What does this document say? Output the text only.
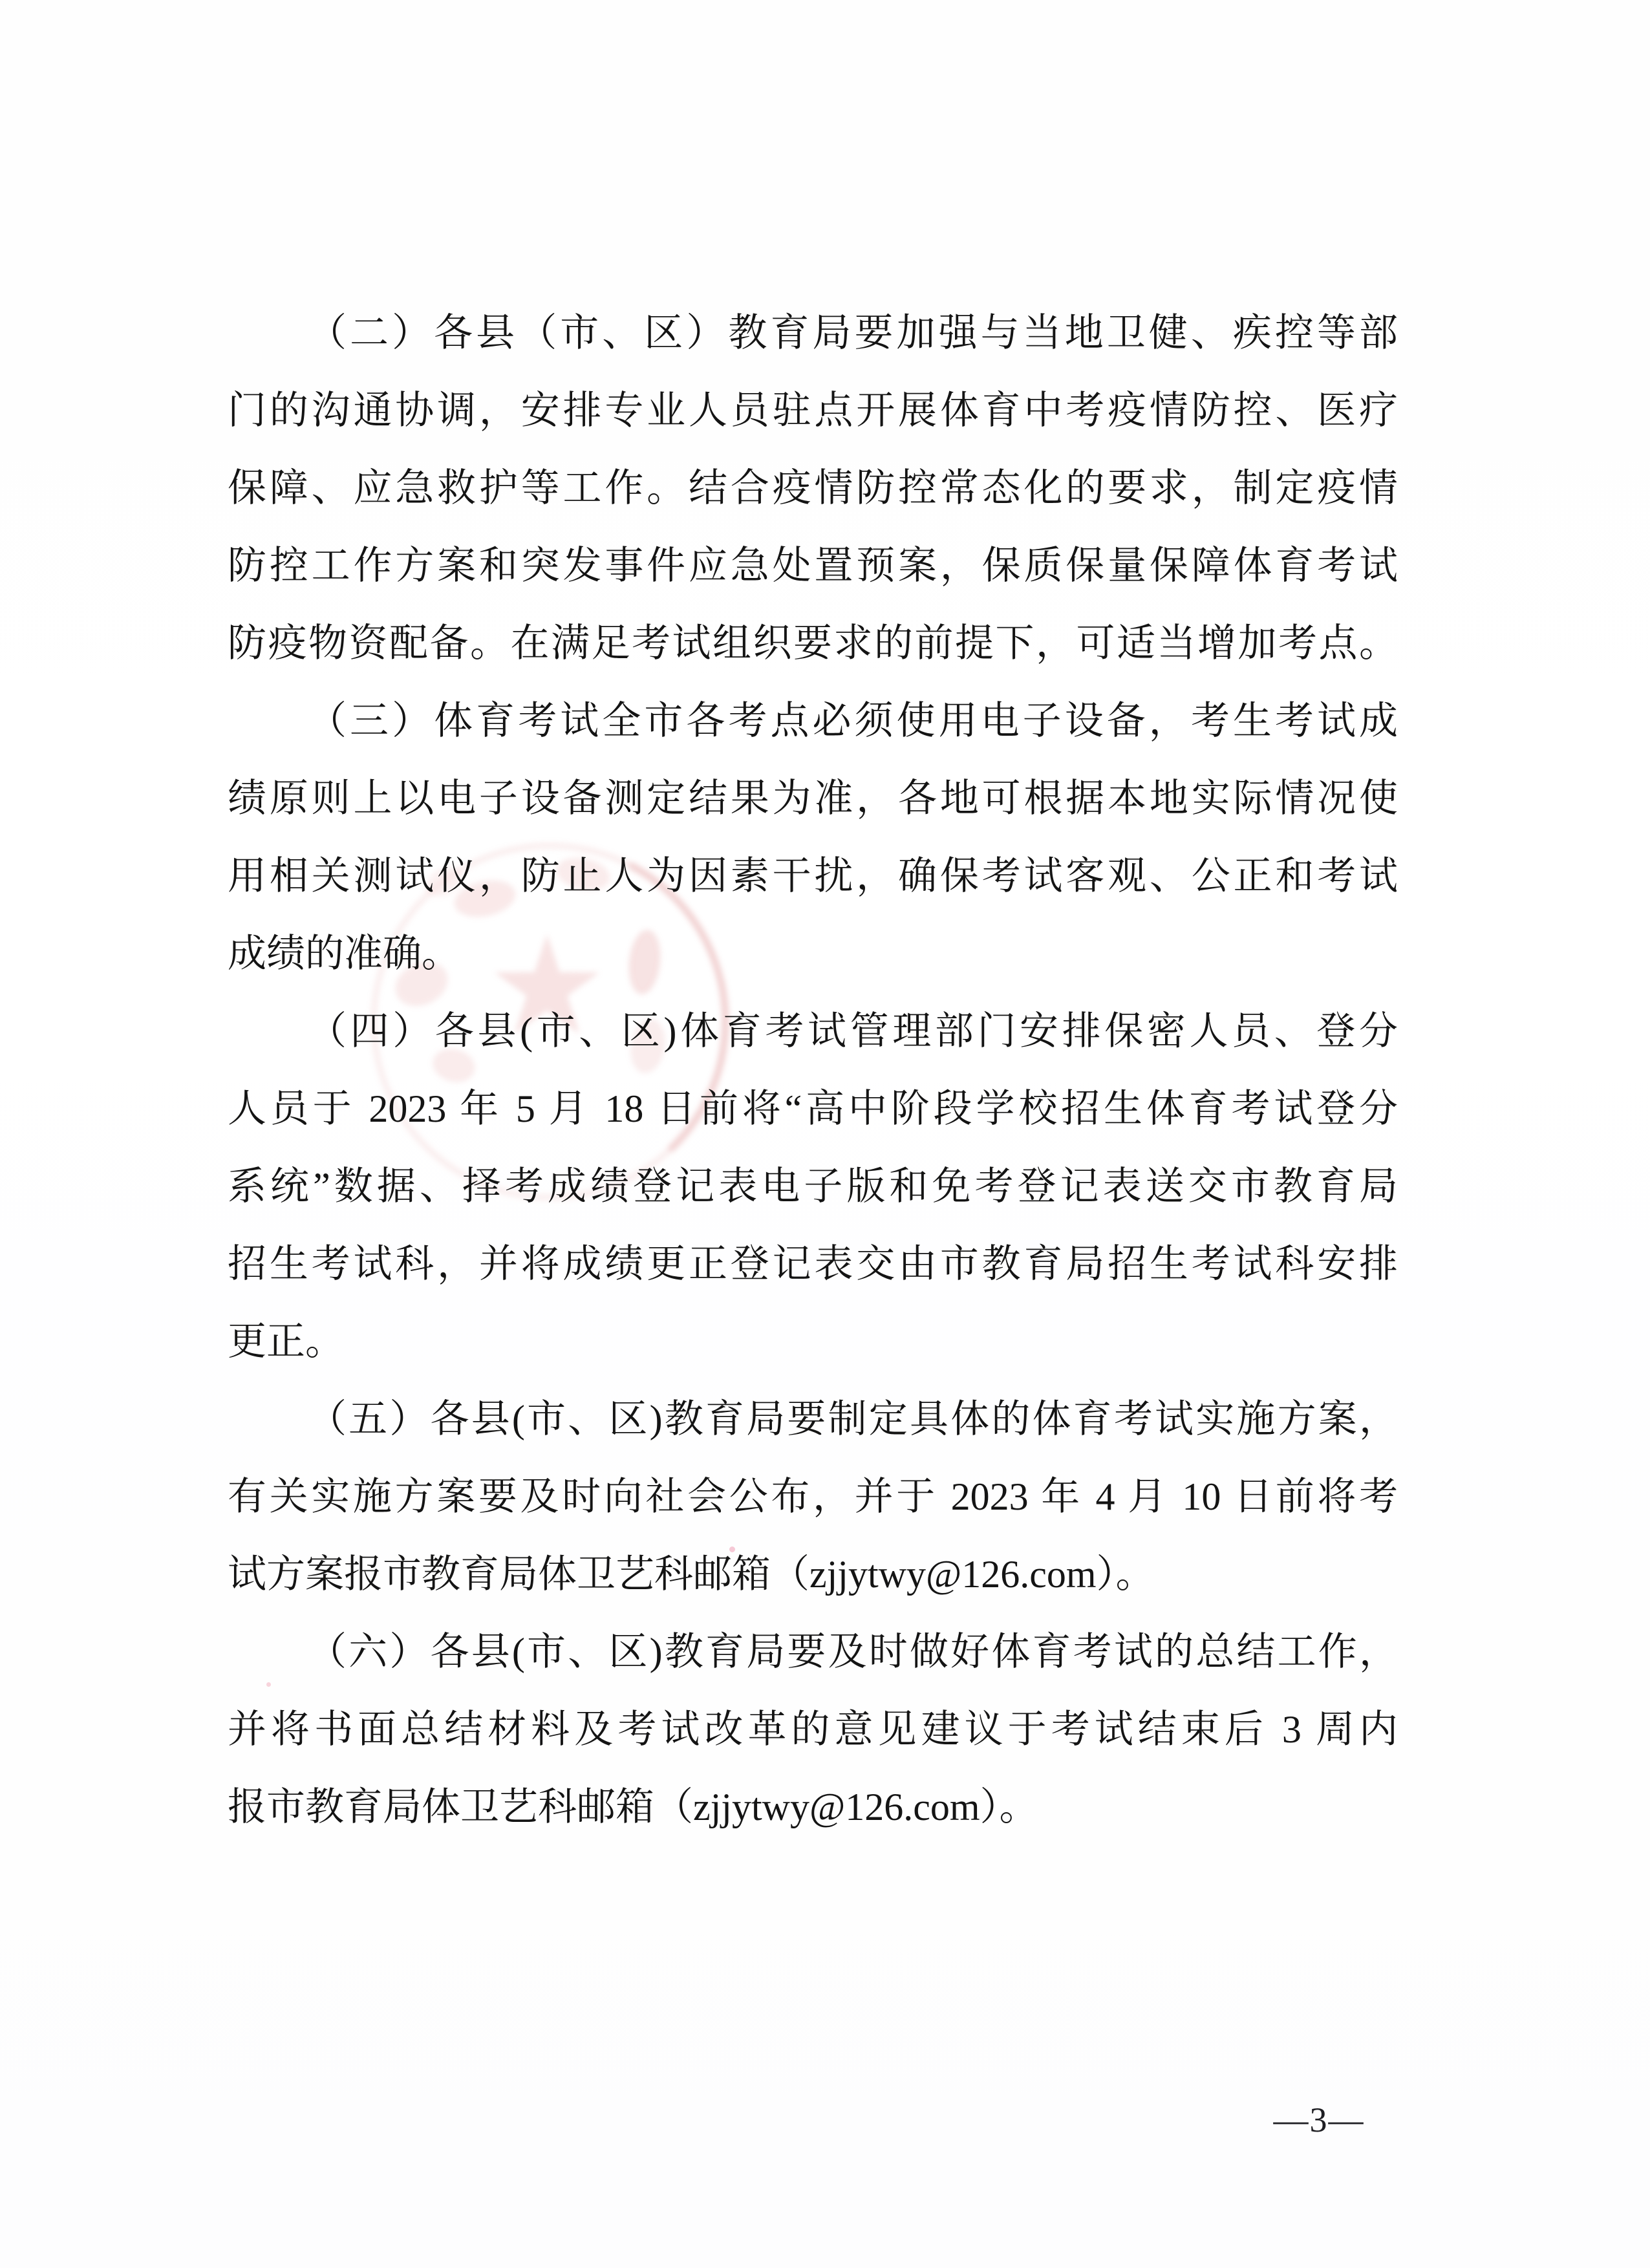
（二）各县（市、区）教育局要加强与当地卫健、疾控等部
门的沟通协调，安排专业人员驻点开展体育中考疫情防控、医疗
保障、应急救护等工作。结合疫情防控常态化的要求，制定疫情
防控工作方案和突发事件应急处置预案，保质保量保障体育考试
防疫物资配备。在满足考试组织要求的前提下，可适当增加考点。
（三）体育考试全市各考点必须使用电子设备，考生考试成
绩原则上以电子设备测定结果为准，各地可根据本地实际情况使
用相关测试仪，防止人为因素干扰，确保考试客观、公正和考试
成绩的准确。
（四）各县(市、区)体育考试管理部门安排保密人员、登分
人员于 2023 年 5 月 18 日前将“高中阶段学校招生体育考试登分
系统”数据、择考成绩登记表电子版和免考登记表送交市教育局
招生考试科，并将成绩更正登记表交由市教育局招生考试科安排
更正。
（五）各县(市、区)教育局要制定具体的体育考试实施方案，
有关实施方案要及时向社会公布，并于 2023 年 4 月 10 日前将考
试方案报市教育局体卫艺科邮箱（zjjytwy@126.com）。
（六）各县(市、区)教育局要及时做好体育考试的总结工作，
并将书面总结材料及考试改革的意见建议于考试结束后 3 周内
报市教育局体卫艺科邮箱（zjjytwy@126.com）。
—3—
